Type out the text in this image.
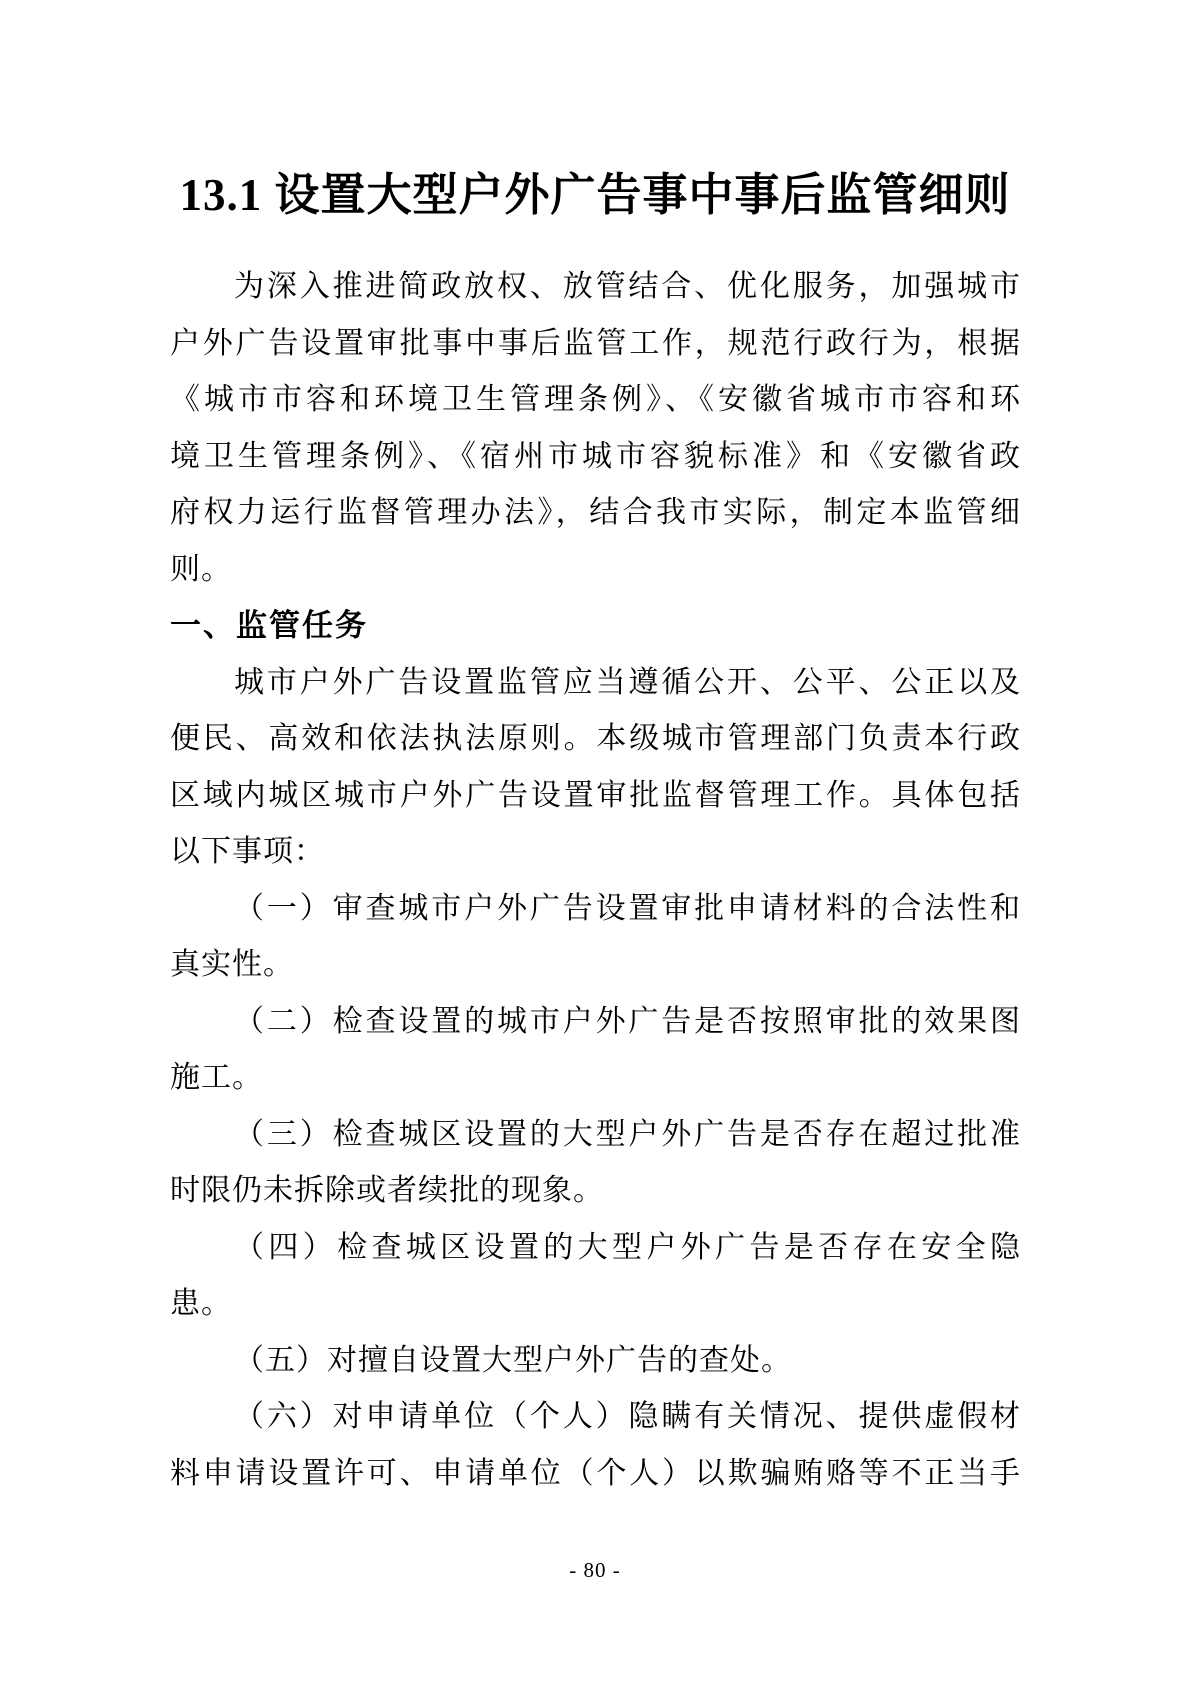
13.1 设置大型户外广告事中事后监管细则
为深入推进简政放权、放管结合、优化服务，加强城市
户外广告设置审批事中事后监管工作，规范行政行为，根据
《城市市容和环境卫生管理条例》、《安徽省城市市容和环
境卫生管理条例》、《宿州市城市容貌标准》和《安徽省政
府权力运行监督管理办法》，结合我市实际，制定本监管细
则。
一、监管任务
城市户外广告设置监管应当遵循公开、公平、公正以及
便民、高效和依法执法原则。本级城市管理部门负责本行政
区域内城区城市户外广告设置审批监督管理工作。具体包括
以下事项：
（一）审查城市户外广告设置审批申请材料的合法性和
真实性。
（二）检查设置的城市户外广告是否按照审批的效果图
施工。
（三）检查城区设置的大型户外广告是否存在超过批准
时限仍未拆除或者续批的现象。
（四）检查城区设置的大型户外广告是否存在安全隐
患。
（五）对擅自设置大型户外广告的查处。
（六）对申请单位（个人）隐瞒有关情况、提供虚假材
料申请设置许可、申请单位（个人）以欺骗贿赂等不正当手
- 80 -
